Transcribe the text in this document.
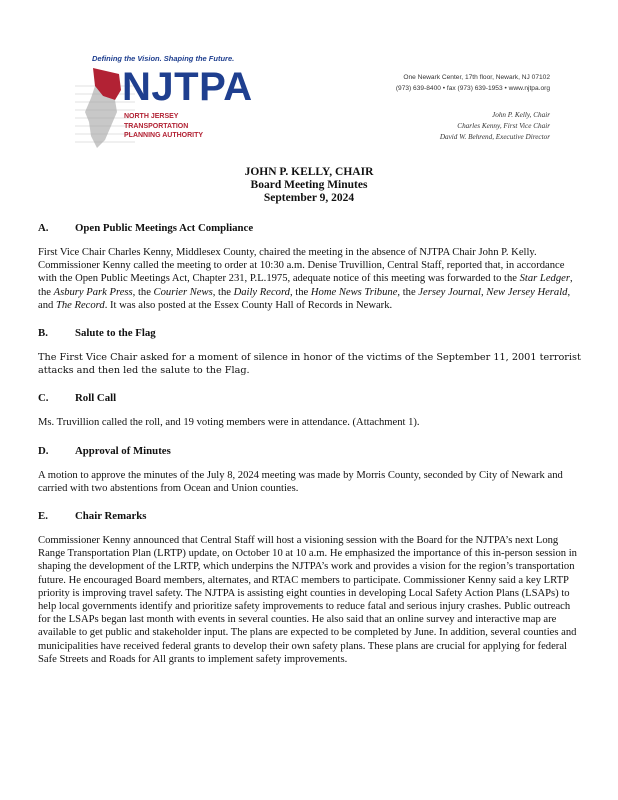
Defining the Vision. Shaping the Future.
NJTPA
NORTH JERSEY
TRANSPORTATION
PLANNING AUTHORITY
One Newark Center, 17th floor, Newark, NJ 07102
(973) 639-8400 • fax (973) 639-1953 • www.njtpa.org
John P. Kelly, Chair
Charles Kenny, First Vice Chair
David W. Behrend, Executive Director
JOHN P. KELLY, CHAIR
Board Meeting Minutes
September 9, 2024
A. Open Public Meetings Act Compliance

First Vice Chair Charles Kenny, Middlesex County, chaired the meeting in the absence of NJTPA Chair John P. Kelly. Commissioner Kenny called the meeting to order at 10:30 a.m. Denise Truvillion, Central Staff, reported that, in accordance with the Open Public Meetings Act, Chapter 231, P.L.1975, adequate notice of this meeting was forwarded to the Star Ledger, the Asbury Park Press, the Courier News, the Daily Record, the Home News Tribune, the Jersey Journal, New Jersey Herald, and The Record. It was also posted at the Essex County Hall of Records in Newark.

B.	Salute to the Flag

The First Vice Chair asked for a moment of silence in honor of the victims of the September 11, 2001 terrorist attacks and then led the salute to the Flag.

C. Roll Call

Ms. Truvillion called the roll, and 19 voting members were in attendance. (Attachment 1).

D. Approval of Minutes

A motion to approve the minutes of the July 8, 2024 meeting was made by Morris County, seconded by City of Newark and carried with two abstentions from Ocean and Union counties.

E.	Chair Remarks

Commissioner Kenny announced that Central Staff will host a visioning session with the Board for the NJTPA’s next Long Range Transportation Plan (LRTP) update, on October 10 at 10 a.m. He emphasized the importance of this in-person session in shaping the development of the LRTP, which underpins the NJTPA’s work and provides a vision for the region’s transportation future. He encouraged Board members, alternates, and RTAC members to participate. Commissioner Kenny said a key LRTP priority is improving travel safety. The NJTPA is assisting eight counties in developing Local Safety Action Plans (LSAPs) to help local governments identify and prioritize safety improvements to reduce fatal and serious injury crashes. Public outreach for the LSAPs began last month with events in several counties. He also said that an online survey and interactive map are available to get public and stakeholder input. The plans are expected to be completed by June. In addition, several counties and municipalities have received federal grants to develop their own safety plans. These plans are crucial for applying for federal Safe Streets and Roads for All grants to implement safety improvements.
